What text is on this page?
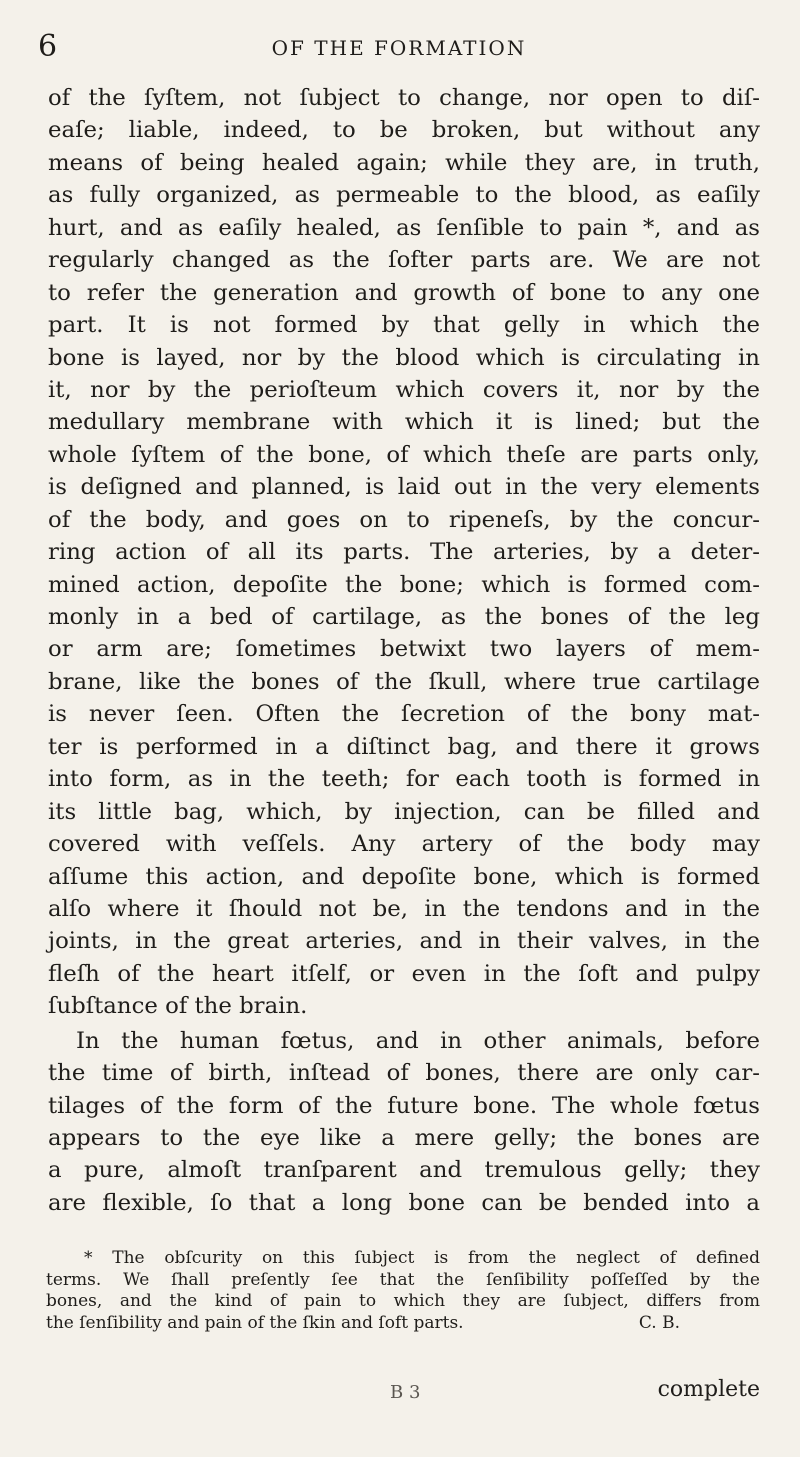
6	OF THE FORMATION
of the ſyſtem, not ſubject to change, nor open to diſ-
eaſe; liable, indeed, to be broken, but without any
means of being healed again; while they are, in truth,
as fully organized, as permeable to the blood, as eaſily
hurt, and as eaſily healed, as ſenſible to pain *, and as
regularly changed as the ſofter parts are. We are not
to refer the generation and growth of bone to any one
part. It is not formed by that gelly in which the
bone is layed, nor by the blood which is circulating in
it, nor by the perioſteum which covers it, nor by the
medullary membrane with which it is lined; but the
whole ſyſtem of the bone, of which theſe are parts only,
is deſigned and planned, is laid out in the very elements
of the body, and goes on to ripeneſs, by the concur-
ring action of all its parts. The arteries, by a deter-
mined action, depoſite the bone; which is formed com-
monly in a bed of cartilage, as the bones of the leg
or arm are; ſometimes betwixt two layers of mem-
brane, like the bones of the ſkull, where true cartilage
is never ſeen. Often the ſecretion of the bony mat-
ter is performed in a diſtinct bag, and there it grows
into form, as in the teeth; for each tooth is formed in
its little bag, which, by injection, can be filled and
covered with veſſels. Any artery of the body may
aſſume this action, and depoſite bone, which is formed
alſo where it ſhould not be, in the tendons and in the
joints, in the great arteries, and in their valves, in the
fleſh of the heart itſelf, or even in the ſoft and pulpy
ſubſtance of the brain.
In the human fœtus, and in other animals, before
the time of birth, inſtead of bones, there are only car-
tilages of the form of the future bone. The whole fœtus
appears to the eye like a mere gelly; the bones are
a pure, almoſt tranſparent and tremulous gelly; they
are flexible, ſo that a long bone can be bended into a
* The obſcurity on this ſubject is from the neglect of defined
terms. We ſhall preſently ſee that the ſenſibility poſſeſſed by the
bones, and the kind of pain to which they are ſubject, differs from
the ſenſibility and pain of the ſkin and ſoft parts.	C. B.
B 3	complete
